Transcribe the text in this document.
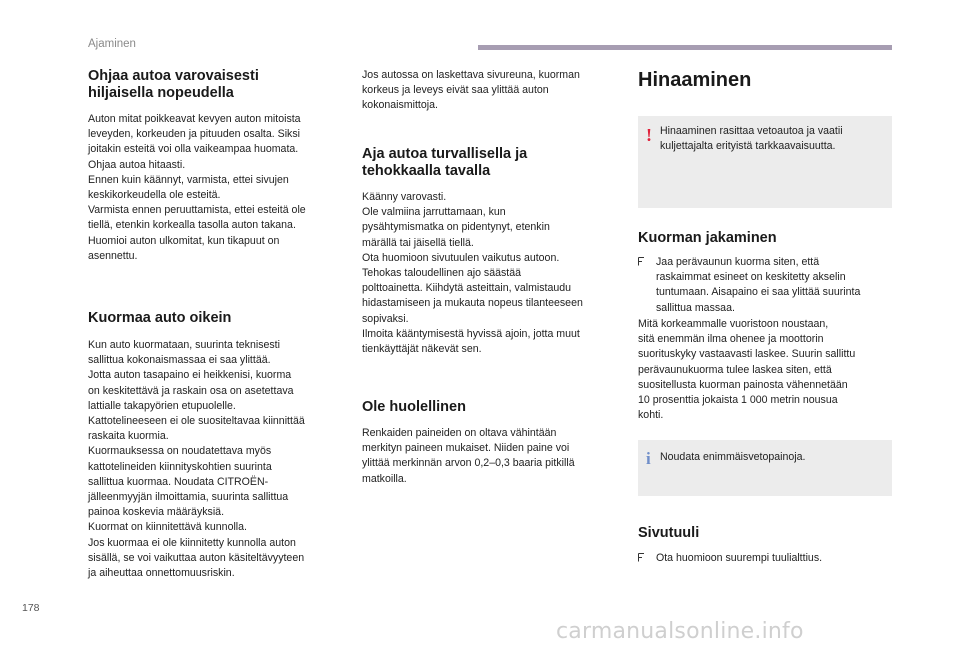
Ajaminen
Ohjaa autoa varovaisesti
hiljaisella nopeudella

Auton mitat poikkeavat kevyen auton mitoista
leveyden, korkeuden ja pituuden osalta. Siksi
joitakin esteitä voi olla vaikeampaa huomata.
Ohjaa autoa hitaasti.
Ennen kuin käännyt, varmista, ettei sivujen
keskikorkeudella ole esteitä.
Varmista ennen peruuttamista, ettei esteitä ole
tiellä, etenkin korkealla tasolla auton takana.
Huomioi auton ulkomitat, kun tikapuut on
asennettu.

Kuormaa auto oikein

Kun auto kuormataan, suurinta teknisesti
sallittua kokonaismassaa ei saa ylittää.
Jotta auton tasapaino ei heikkenisi, kuorma
on keskitettävä ja raskain osa on asetettava
lattialle takapyörien etupuolelle.
Kattotelineeseen ei ole suositeltavaa kiinnittää
raskaita kuormia.
Kuormauksessa on noudatettava myös
kattotelineiden kiinnityskohtien suurinta
sallittua kuormaa. Noudata CITROËN-
jälleenmyyjän ilmoittamia, suurinta sallittua
painoa koskevia määräyksiä.
Kuormat on kiinnitettävä kunnolla.
Jos kuormaa ei ole kiinnitetty kunnolla auton
sisällä, se voi vaikuttaa auton käsiteltävyyteen
ja aiheuttaa onnettomuusriskin.

Jos autossa on laskettava sivureuna, kuorman
korkeus ja leveys eivät saa ylittää auton
kokonaismittoja.

Aja autoa turvallisella ja
tehokkaalla tavalla

Käänny varovasti.
Ole valmiina jarruttamaan, kun
pysähtymismatka on pidentynyt, etenkin
märällä tai jäisellä tiellä.
Ota huomioon sivutuulen vaikutus autoon.
Tehokas taloudellinen ajo säästää
polttoainetta. Kiihdytä asteittain, valmistaudu
hidastamiseen ja mukauta nopeus tilanteeseen
sopivaksi.
Ilmoita kääntymisestä hyvissä ajoin, jotta muut
tienkäyttäjät näkevät sen.

Ole huolellinen

Renkaiden paineiden on oltava vähintään
merkityn paineen mukaiset. Niiden paine voi
ylittää merkinnän arvon 0,2–0,3 baaria pitkillä
matkoilla.

Hinaaminen
! Hinaaminen rasittaa vetoautoa ja vaatii
kuljettajalta erityistä tarkkaavaisuutta.

Kuorman jakaminen

Jaa perävaunun kuorma siten, että
raskaimmat esineet on keskitetty akselin
tuntumaan. Aisapaino ei saa ylittää suurinta
sallittua massaa.

Mitä korkeammalle vuoristoon noustaan,
sitä enemmän ilma ohenee ja moottorin
suorituskyky vastaavasti laskee. Suurin sallittu
perävaunukuorma tulee laskea siten, että
suositellusta kuorman painosta vähennetään
10 prosenttia jokaista 1 000 metrin nousua
kohti.

i Noudata enimmäisvetopainoja.

Sivutuuli

Ota huomioon suurempi tuulialttius.

178
carmanualsonline.info
